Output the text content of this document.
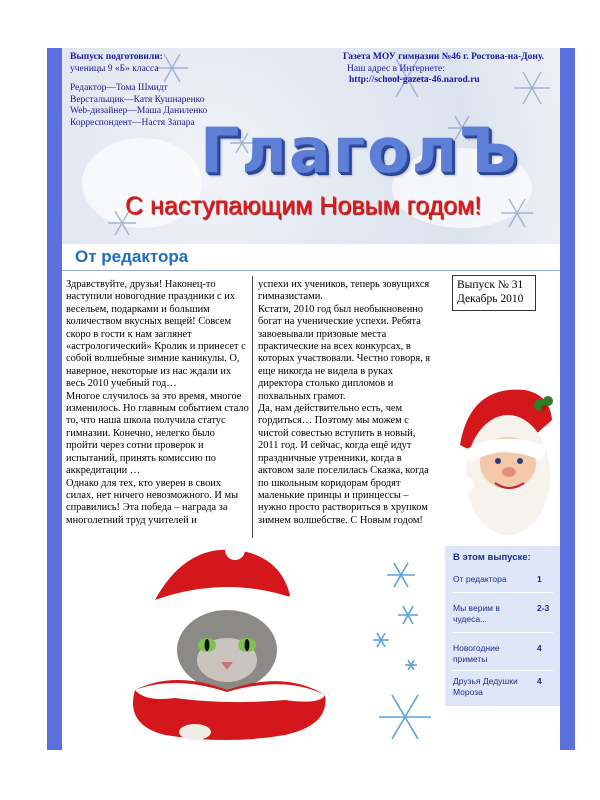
Выпуск подготовили:
ученицы 9 «Б» класса
Редактор—Тома Шмидт
Верстальщик—Катя Кушнаренко
Web-дизайнер—Маша Даниленко
Корреспондент—Настя Запара
Газета МОУ гимназии №46 г. Ростова-на-Дону.
Наш адрес в Интернете:
http://school-gazeta-46.narod.ru
ГлаголЪ
С наступающим Новым годом!
От редактора

Здравствуйте, друзья! Наконец-то наступили новогодние праздники с их весельем, подарками и большим количеством вкусных вещей! Совсем скоро в гости к нам заглянет «астрологический» Кролик и принесет с собой волшебные зимние каникулы. О, наверное, некоторые из нас ждали их весь 2010 учебный год…

Многое случилось за это время, многое изменилось. Но главным событием стало то, что наша школа получила статус гимназии. Конечно, нелегко было пройти через сотни проверок и испытаний, принять комиссию по аккредитации …

Однако для тех, кто уверен в своих силах, нет ничего невозможного. И мы справились! Эта победа – награда за многолетний труд учителей и

успехи их учеников, теперь зовущихся гимназистами.

Кстати, 2010 год был необыкновенно богат на ученические успехи. Ребята завоевывали призовые места практические на всех конкурсах, в которых участвовали. Честно говоря, я еще никогда не видела в руках директора столько дипломов и похвальных грамот.

Да, нам действительно есть, чем гордиться… Поэтому мы можем с чистой совестью вступить в новый, 2011 год. И сейчас, когда ещё идут праздничные утренники, когда в актовом зале поселилась Сказка, когда по школьным коридорам бродят маленькие принцы и принцессы – нужно просто раствориться в хрупком зимнем волшебстве. С Новым годом!

Выпуск № 31
Декабрь 2010
В этом выпуске:
От редактора	1
Мы верим в чудеса...
2-3
Новогодние приметы
4
Друзья Дедушки Мороза
4
